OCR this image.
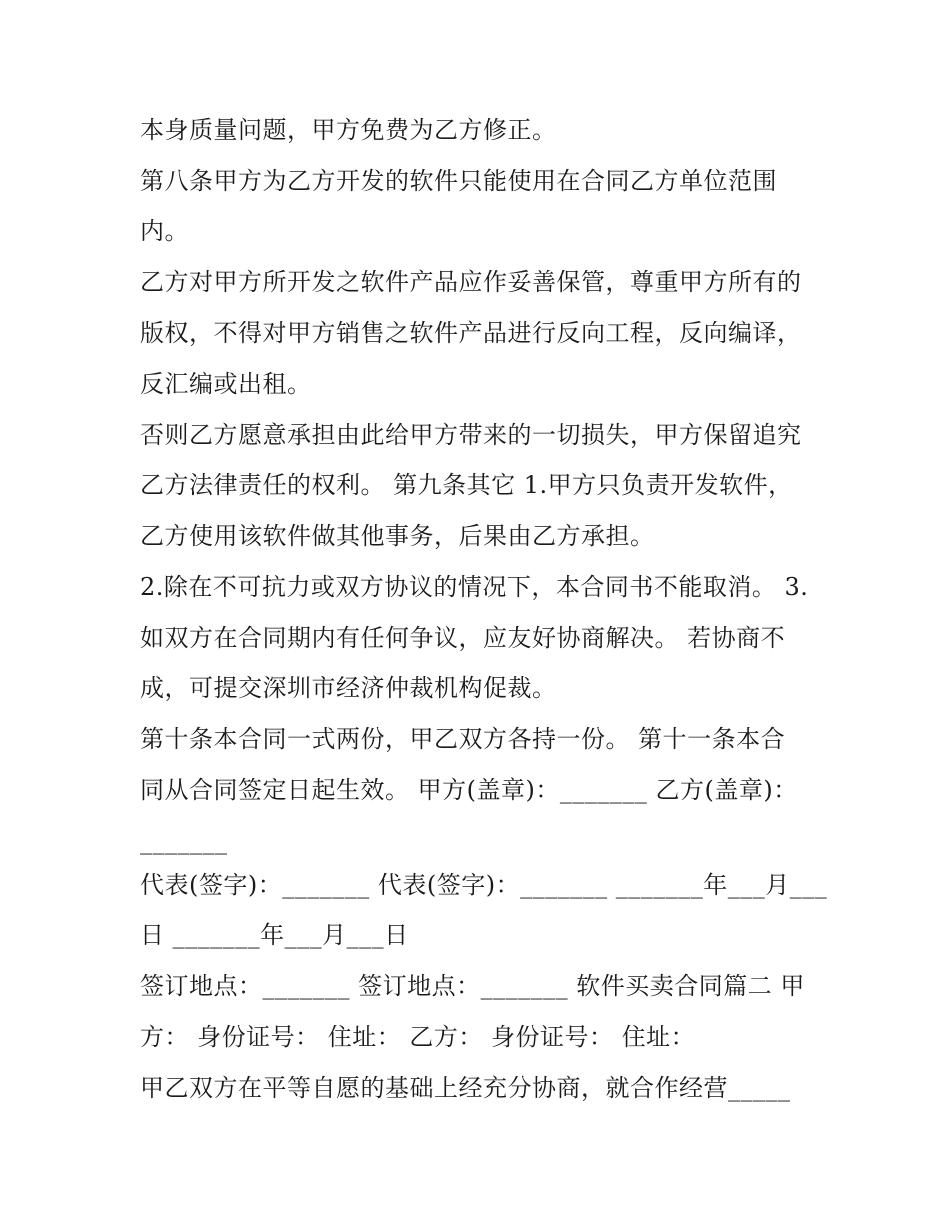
本身质量问题，甲方免费为乙方修正。
第八条甲方为乙方开发的软件只能使用在合同乙方单位范围
内。
乙方对甲方所开发之软件产品应作妥善保管，尊重甲方所有的
版权，不得对甲方销售之软件产品进行反向工程，反向编译，
反汇编或出租。
否则乙方愿意承担由此给甲方带来的一切损失，甲方保留追究
乙方法律责任的权利。 第九条其它 1.甲方只负责开发软件，
乙方使用该软件做其他事务，后果由乙方承担。
2.除在不可抗力或双方协议的情况下，本合同书不能取消。 3.
如双方在合同期内有任何争议，应友好协商解决。 若协商不
成，可提交深圳市经济仲裁机构促裁。
第十条本合同一式两份，甲乙双方各持一份。 第十一条本合
同从合同签定日起生效。 甲方(盖章)：_______ 乙方(盖章)：
_______
代表(签字)：_______ 代表(签字)：_______ _______年___月___
日 _______年___月___日
签订地点：_______ 签订地点：_______ 软件买卖合同篇二 甲
方： 身份证号： 住址： 乙方： 身份证号： 住址：
甲乙双方在平等自愿的基础上经充分协商，就合作经营_____
